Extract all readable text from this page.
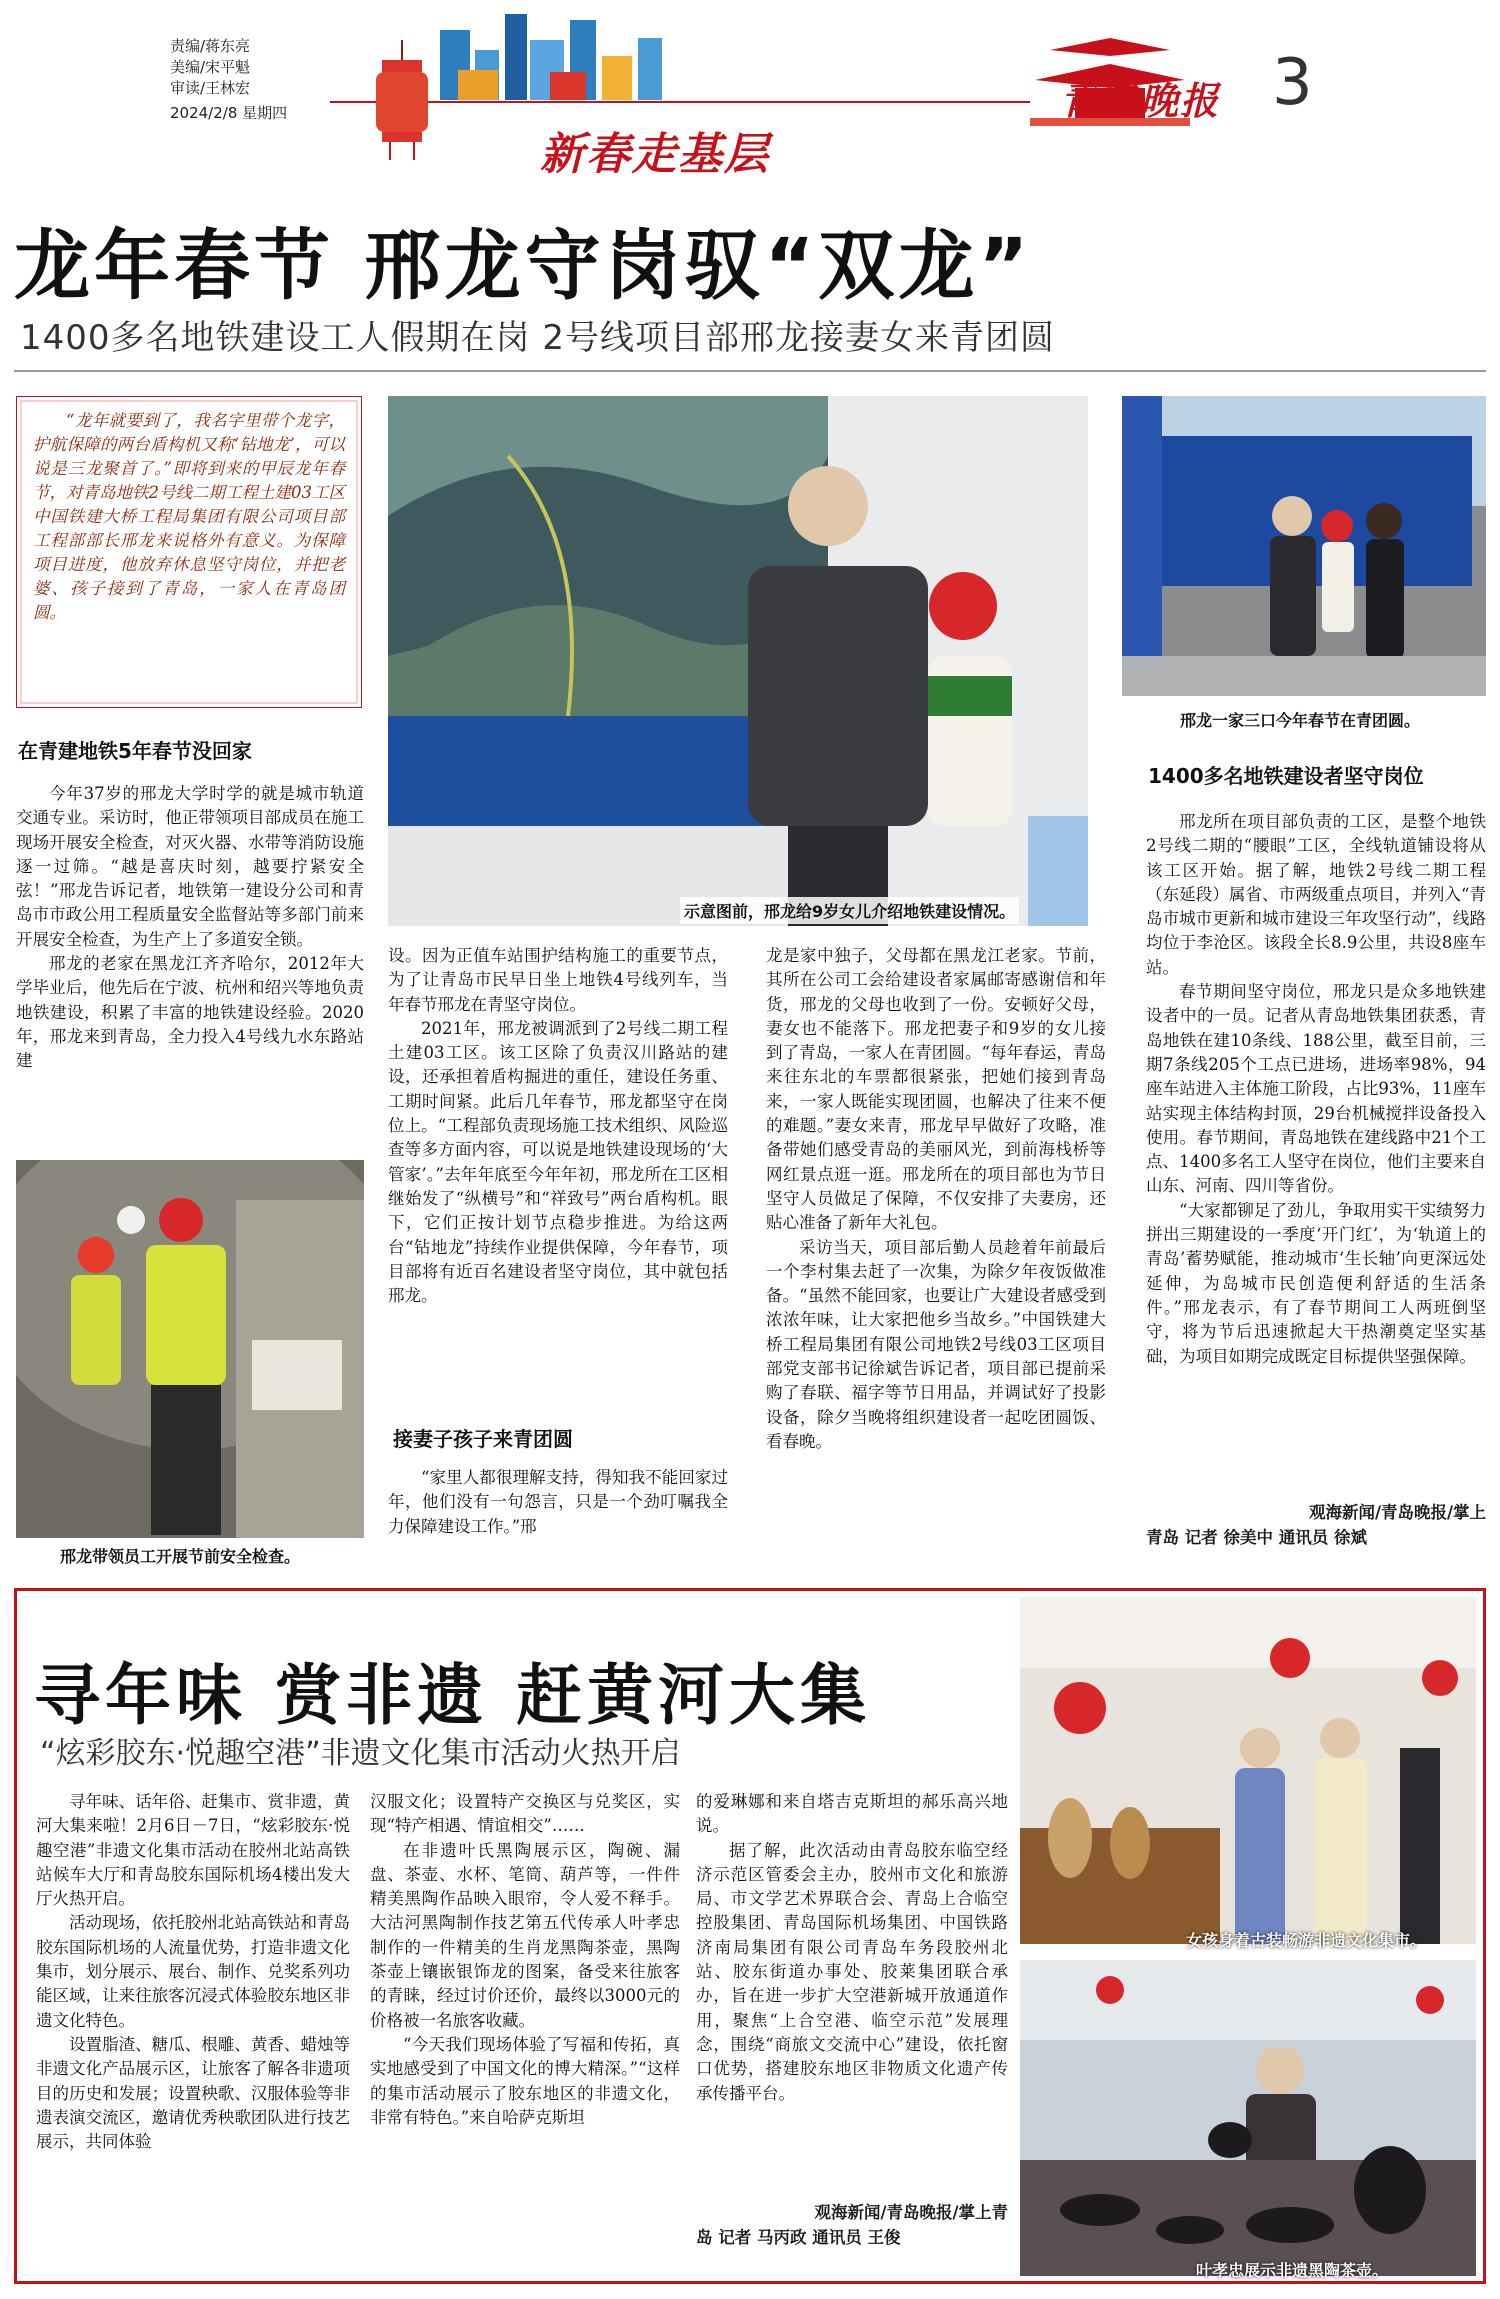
责编/蒋东亮
美编/宋平魁
审读/王林宏
2024/2/8 星期四
新春走基层
青岛晚报 3
龙年春节 邢龙守岗驭“双龙”
1400多名地铁建设工人假期在岗 2号线项目部邢龙接妻女来青团圆
“龙年就要到了，我名字里带个龙字，护航保障的两台盾构机又称‘钻地龙’，可以说是三龙聚首了。”即将到来的甲辰龙年春节，对青岛地铁2号线二期工程土建03工区中国铁建大桥工程局集团有限公司项目部工程部部长邢龙来说格外有意义。为保障项目进度，他放弃休息坚守岗位，并把老婆、孩子接到了青岛，一家人在青岛团圆。
在青建地铁5年春节没回家

今年37岁的邢龙大学时学的就是城市轨道交通专业。采访时，他正带领项目部成员在施工现场开展安全检查，对灭火器、水带等消防设施逐一过筛。“越是喜庆时刻，越要拧紧安全弦！”邢龙告诉记者，地铁第一建设分公司和青岛市市政公用工程质量安全监督站等多部门前来开展安全检查，为生产上了多道安全锁。

邢龙的老家在黑龙江齐齐哈尔，2012年大学毕业后，他先后在宁波、杭州和绍兴等地负责地铁建设，积累了丰富的地铁建设经验。2020年，邢龙来到青岛，全力投入4号线九水东路站建

邢龙带领员工开展节前安全检查。
示意图前，邢龙给9岁女儿介绍地铁建设情况。
邢龙一家三口今年春节在青团圆。

设。因为正值车站围护结构施工的重要节点，为了让青岛市民早日坐上地铁4号线列车，当年春节邢龙在青坚守岗位。

2021年，邢龙被调派到了2号线二期工程土建03工区。该工区除了负责汉川路站的建设，还承担着盾构掘进的重任，建设任务重、工期时间紧。此后几年春节，邢龙都坚守在岗位上。“工程部负责现场施工技术组织、风险巡查等多方面内容，可以说是地铁建设现场的‘大管家’。”去年年底至今年年初，邢龙所在工区相继始发了“纵横号”和“祥致号”两台盾构机。眼下，它们正按计划节点稳步推进。为给这两台“钻地龙”持续作业提供保障，今年春节，项目部将有近百名建设者坚守岗位，其中就包括邢龙。

接妻子孩子来青团圆

“家里人都很理解支持，得知我不能回家过年，他们没有一句怨言，只是一个劲叮嘱我全力保障建设工作。”邢

龙是家中独子，父母都在黑龙江老家。节前，其所在公司工会给建设者家属邮寄感谢信和年货，邢龙的父母也收到了一份。安顿好父母，妻女也不能落下。邢龙把妻子和9岁的女儿接到了青岛，一家人在青团圆。“每年春运，青岛来往东北的车票都很紧张，把她们接到青岛来，一家人既能实现团圆，也解决了往来不便的难题。”妻女来青，邢龙早早做好了攻略，准备带她们感受青岛的美丽风光，到前海栈桥等网红景点逛一逛。邢龙所在的项目部也为节日坚守人员做足了保障，不仅安排了夫妻房，还贴心准备了新年大礼包。

采访当天，项目部后勤人员趁着年前最后一个李村集去赶了一次集，为除夕年夜饭做准备。“虽然不能回家，也要让广大建设者感受到浓浓年味，让大家把他乡当故乡。”中国铁建大桥工程局集团有限公司地铁2号线03工区项目部党支部书记徐斌告诉记者，项目部已提前采购了春联、福字等节日用品，并调试好了投影设备，除夕当晚将组织建设者一起吃团圆饭、看春晚。

1400多名地铁建设者坚守岗位

邢龙所在项目部负责的工区，是整个地铁2号线二期的“腰眼”工区，全线轨道铺设将从该工区开始。据了解，地铁2号线二期工程（东延段）属省、市两级重点项目，并列入“青岛市城市更新和城市建设三年攻坚行动”，线路均位于李沧区。该段全长8.9公里，共设8座车站。

春节期间坚守岗位，邢龙只是众多地铁建设者中的一员。记者从青岛地铁集团获悉，青岛地铁在建10条线、188公里，截至目前，三期7条线205个工点已进场，进场率98%，94座车站进入主体施工阶段，占比93%，11座车站实现主体结构封顶，29台机械搅拌设备投入使用。春节期间，青岛地铁在建线路中21个工点、1400多名工人坚守在岗位，他们主要来自山东、河南、四川等省份。

“大家都铆足了劲儿，争取用实干实绩努力拼出三期建设的一季度‘开门红’，为‘轨道上的青岛’蓄势赋能，推动城市‘生长轴’向更深远处延伸，为岛城市民创造便利舒适的生活条件。”邢龙表示，有了春节期间工人两班倒坚守，将为节后迅速掀起大干热潮奠定坚实基础，为项目如期完成既定目标提供坚强保障。

观海新闻/青岛晚报/掌上
青岛 记者 徐美中 通讯员 徐斌
寻年味 赏非遗 赶黄河大集
“炫彩胶东·悦趣空港”非遗文化集市活动火热开启

寻年味、话年俗、赶集市、赏非遗，黄河大集来啦！2月6日－7日，“炫彩胶东·悦趣空港”非遗文化集市活动在胶州北站高铁站候车大厅和青岛胶东国际机场4楼出发大厅火热开启。

活动现场，依托胶州北站高铁站和青岛胶东国际机场的人流量优势，打造非遗文化集市，划分展示、展台、制作、兑奖系列功能区域，让来往旅客沉浸式体验胶东地区非遗文化特色。

设置脂渣、糖瓜、根雕、黄香、蜡烛等非遗文化产品展示区，让旅客了解各非遗项目的历史和发展；设置秧歌、汉服体验等非遗表演交流区，邀请优秀秧歌团队进行技艺展示，共同体验

汉服文化；设置特产交换区与兑奖区，实现“特产相遇、情谊相交”……

在非遗叶氏黑陶展示区，陶碗、漏盘、茶壶、水杯、笔筒、葫芦等，一件件精美黑陶作品映入眼帘，令人爱不释手。大沽河黑陶制作技艺第五代传承人叶孝忠制作的一件精美的生肖龙黑陶茶壶，黑陶茶壶上镶嵌银饰龙的图案，备受来往旅客的青睐，经过讨价还价，最终以3000元的价格被一名旅客收藏。

“今天我们现场体验了写福和传拓，真实地感受到了中国文化的博大精深。”“这样的集市活动展示了胶东地区的非遗文化，非常有特色。”来自哈萨克斯坦

的爱琳娜和来自塔吉克斯坦的郝乐高兴地说。

据了解，此次活动由青岛胶东临空经济示范区管委会主办，胶州市文化和旅游局、市文学艺术界联合会、青岛上合临空控股集团、青岛国际机场集团、中国铁路济南局集团有限公司青岛车务段胶州北站、胶东街道办事处、胶莱集团联合承办，旨在进一步扩大空港新城开放通道作用，聚焦“上合空港、临空示范”发展理念，围绕“商旅文交流中心”建设，依托窗口优势，搭建胶东地区非物质文化遗产传承传播平台。

观海新闻/青岛晚报/掌上青
岛 记者 马丙政 通讯员 王俊
女孩身着古装畅游非遗文化集市。
叶孝忠展示非遗黑陶茶壶。
